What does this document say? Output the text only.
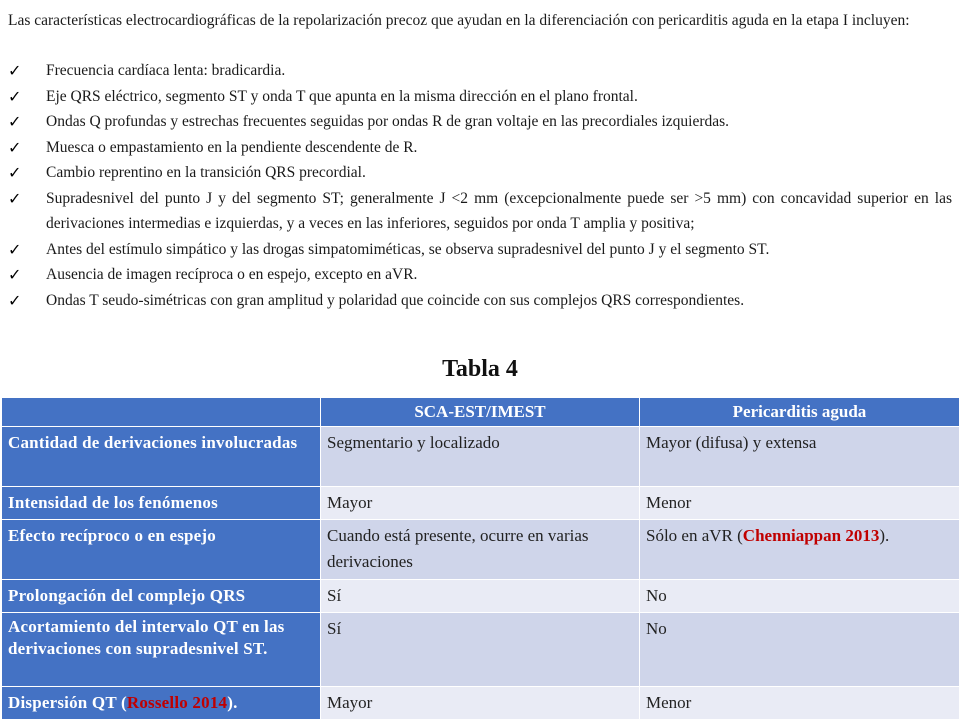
Las características electrocardiográficas de la repolarización precoz que ayudan en la diferenciación con pericarditis aguda en la etapa I incluyen:
✓	Frecuencia cardíaca lenta: bradicardia.
✓	Eje QRS eléctrico, segmento ST y onda T que apunta en la misma dirección en el plano frontal.
✓	Ondas Q profundas y estrechas frecuentes seguidas por ondas R de gran voltaje en las precordiales izquierdas.
✓	Muesca o empastamiento en la pendiente descendente de R.
✓	Cambio reprentino en la transición QRS precordial.
✓	Supradesnivel del punto J y del segmento ST; generalmente J <2 mm (excepcionalmente puede ser >5 mm) con concavidad superior en las derivaciones intermedias e izquierdas, y a veces en las inferiores, seguidos por onda T amplia y positiva;
✓	Antes del estímulo simpático y las drogas simpatomiméticas, se observa supradesnivel del punto J y el segmento ST.
✓	Ausencia de imagen recíproca o en espejo, excepto en aVR.
✓	Ondas T seudo-simétricas con gran amplitud y polaridad que coincide con sus complejos QRS correspondientes.
Tabla 4
	SCA-EST/IMEST	Pericarditis aguda
Cantidad de derivaciones involucradas	Segmentario y localizado	Mayor (difusa) y extensa
Intensidad de los fenómenos	Mayor	Menor
Efecto recíproco o en espejo	Cuando está presente, ocurre en varias derivaciones	Sólo en aVR (Chenniappan 2013).
Prolongación del complejo QRS	Sí	No
Acortamiento del intervalo QT en las derivaciones con supradesnivel ST.	Sí	No
Dispersión QT (Rossello 2014).	Mayor	Menor
